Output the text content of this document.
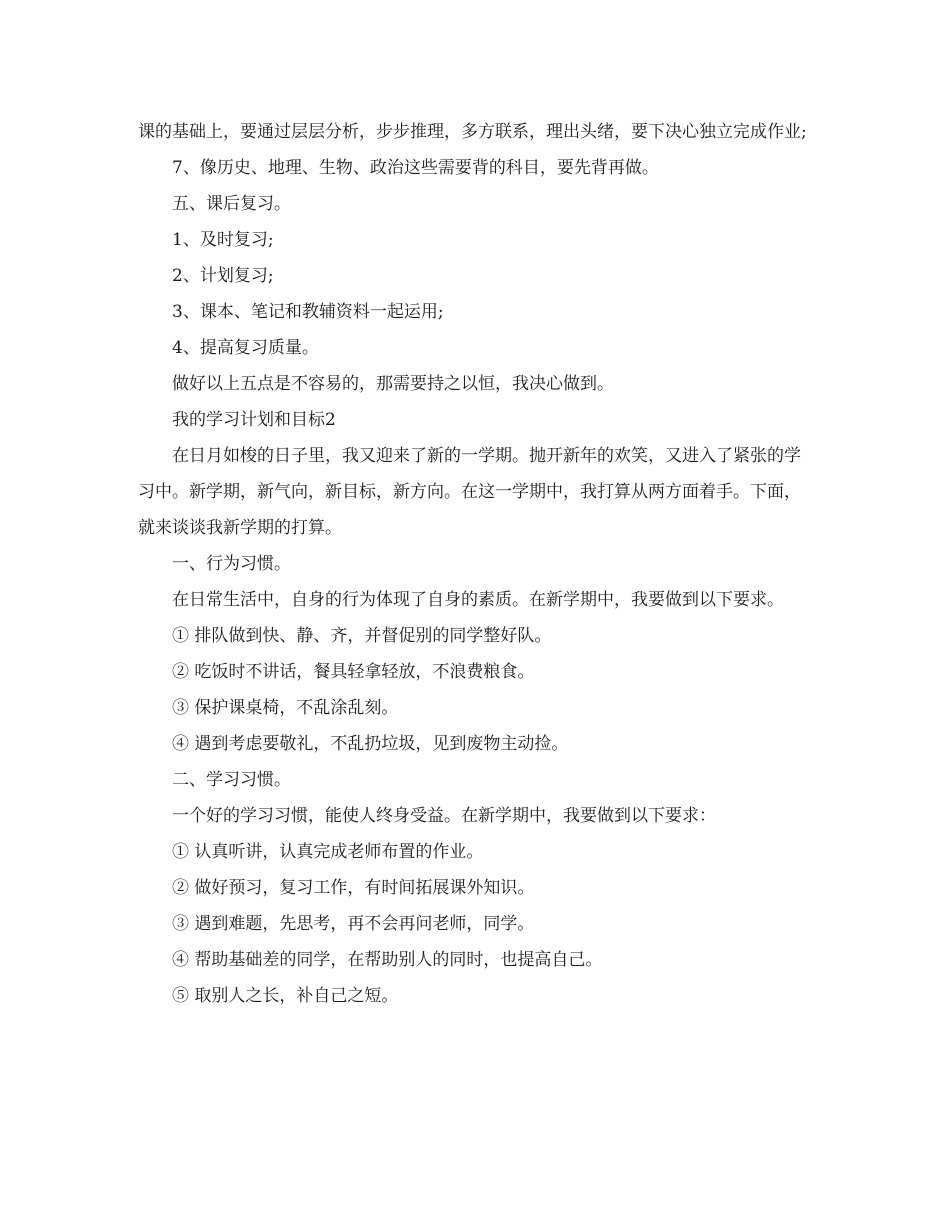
课的基础上，要通过层层分析，步步推理，多方联系，理出头绪，要下决心独立完成作业;

7、像历史、地理、生物、政治这些需要背的科目，要先背再做。

五、课后复习。

1、及时复习;

2、计划复习;

3、课本、笔记和教辅资料一起运用;

4、提高复习质量。

做好以上五点是不容易的，那需要持之以恒，我决心做到。

我的学习计划和目标2

在日月如梭的日子里，我又迎来了新的一学期。抛开新年的欢笑，又进入了紧张的学习中。新学期，新气向，新目标，新方向。在这一学期中，我打算从两方面着手。下面，就来谈谈我新学期的打算。

一、行为习惯。

在日常生活中，自身的行为体现了自身的素质。在新学期中，我要做到以下要求。

① 排队做到快、静、齐，并督促别的同学整好队。

② 吃饭时不讲话，餐具轻拿轻放，不浪费粮食。

③ 保护课桌椅，不乱涂乱刻。

④ 遇到考虑要敬礼，不乱扔垃圾，见到废物主动捡。

二、学习习惯。

一个好的学习习惯，能使人终身受益。在新学期中，我要做到以下要求：

① 认真听讲，认真完成老师布置的作业。

② 做好预习，复习工作，有时间拓展课外知识。

③ 遇到难题，先思考，再不会再问老师，同学。

④ 帮助基础差的同学，在帮助别人的同时，也提高自己。

⑤ 取别人之长，补自己之短。
